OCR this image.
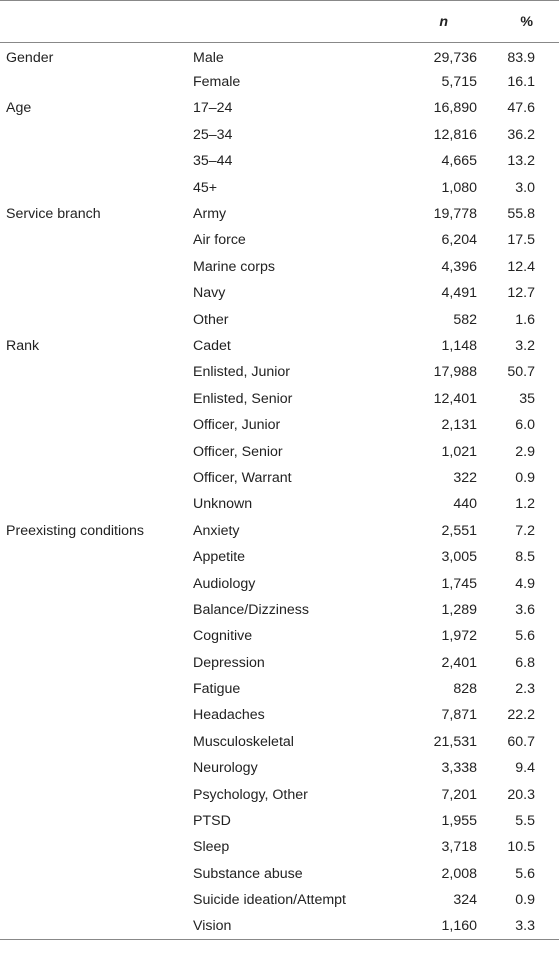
		n	%
Gender	Male	29,736	83.9
	Female	5,715	16.1
Age	17–24	16,890	47.6
	25–34	12,816	36.2
	35–44	4,665	13.2
	45+	1,080	3.0
Service branch	Army	19,778	55.8
	Air force	6,204	17.5
	Marine corps	4,396	12.4
	Navy	4,491	12.7
	Other	582	1.6
Rank	Cadet	1,148	3.2
	Enlisted, Junior	17,988	50.7
	Enlisted, Senior	12,401	35
	Officer, Junior	2,131	6.0
	Officer, Senior	1,021	2.9
	Officer, Warrant	322	0.9
	Unknown	440	1.2
Preexisting conditions	Anxiety	2,551	7.2
	Appetite	3,005	8.5
	Audiology	1,745	4.9
	Balance/Dizziness	1,289	3.6
	Cognitive	1,972	5.6
	Depression	2,401	6.8
	Fatigue	828	2.3
	Headaches	7,871	22.2
	Musculoskeletal	21,531	60.7
	Neurology	3,338	9.4
	Psychology, Other	7,201	20.3
	PTSD	1,955	5.5
	Sleep	3,718	10.5
	Substance abuse	2,008	5.6
	Suicide ideation/Attempt	324	0.9
	Vision	1,160	3.3
